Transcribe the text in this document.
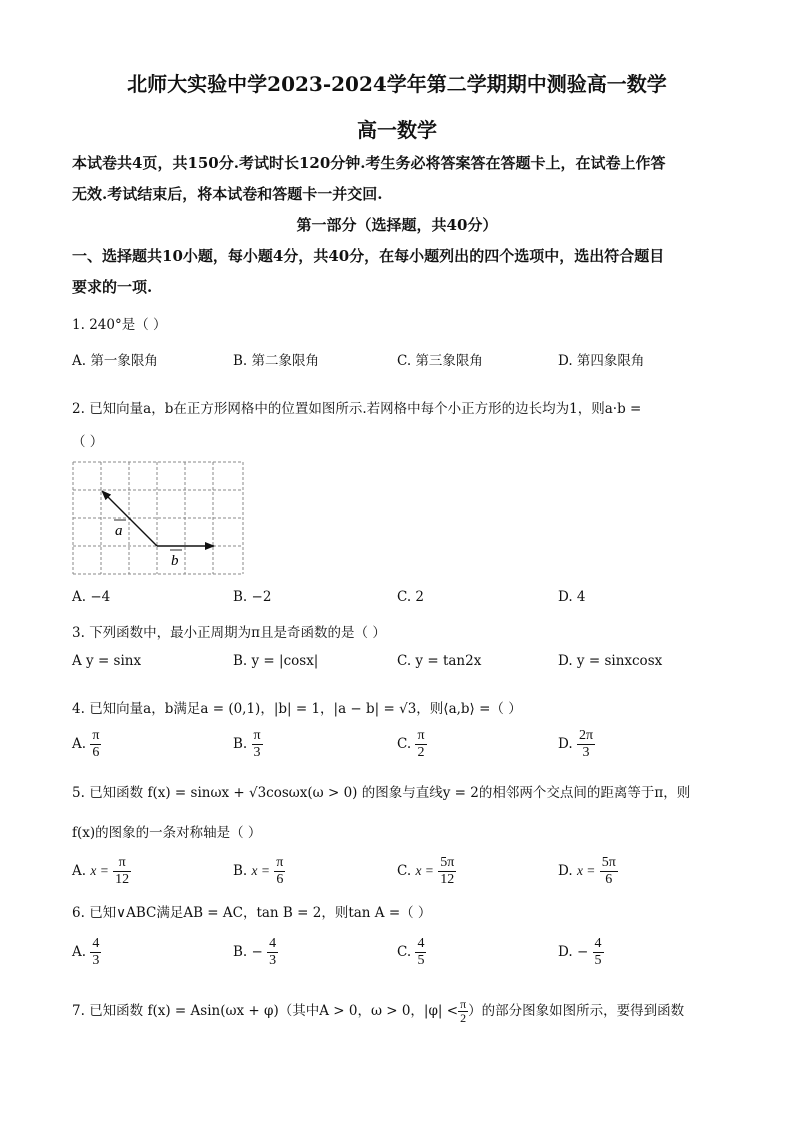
北师大实验中学2023-2024学年第二学期期中测验高一数学
高一数学
本试卷共4页，共150分.考试时长120分钟.考生务必将答案答在答题卡上，在试卷上作答
无效.考试结束后，将本试卷和答题卡一并交回.
第一部分（选择题，共40分）
一、选择题共10小题，每小题4分，共40分，在每小题列出的四个选项中，选出符合题目
要求的一项.
1. 240°是（ ）
A. 第一象限角	B. 第二象限角	C. 第三象限角	D. 第四象限角
2. 已知向量a，b在正方形网格中的位置如图所示.若网格中每个小正方形的边长均为1，则a·b =
（ ）
a
b
A. −4	B. −2	C. 2	D. 4
3. 下列函数中，最小正周期为π且是奇函数的是（ ）
A y = sinx	B. y = |cosx|	C. y = tan2x	D. y = sinxcosx
4. 已知向量a，b满足a = (0,1)，|b| = 1，|a − b| = √3，则⟨a,b⟩ =（ ）
A. $\frac{\pi}{6}$	B. $\frac{\pi}{3}$	C. $\frac{\pi}{2}$	D. $\frac{2\pi}{3}$
5. 已知函数 f(x) = sinωx + √3cosωx(ω > 0) 的图象与直线y = 2的相邻两个交点间的距离等于π，则
f(x)的图象的一条对称轴是（ ）
A. $x = \frac{\pi}{12}$	B. $x = \frac{\pi}{6}$	C. $x = \frac{5\pi}{12}$	D. $x = \frac{5\pi}{6}$
6. 已知∨ABC满足AB = AC，tan B = 2，则tan A =（ ）
A. $\frac{4}{3}$	B. − $\frac{4}{3}$	C. $\frac{4}{5}$	D. − $\frac{4}{5}$
7. 已知函数 f(x) = Asin(ωx + φ)（其中A > 0，ω > 0，$|\varphi| < \frac{\pi}{2}$ ）的部分图象如图所示，要得到函数
